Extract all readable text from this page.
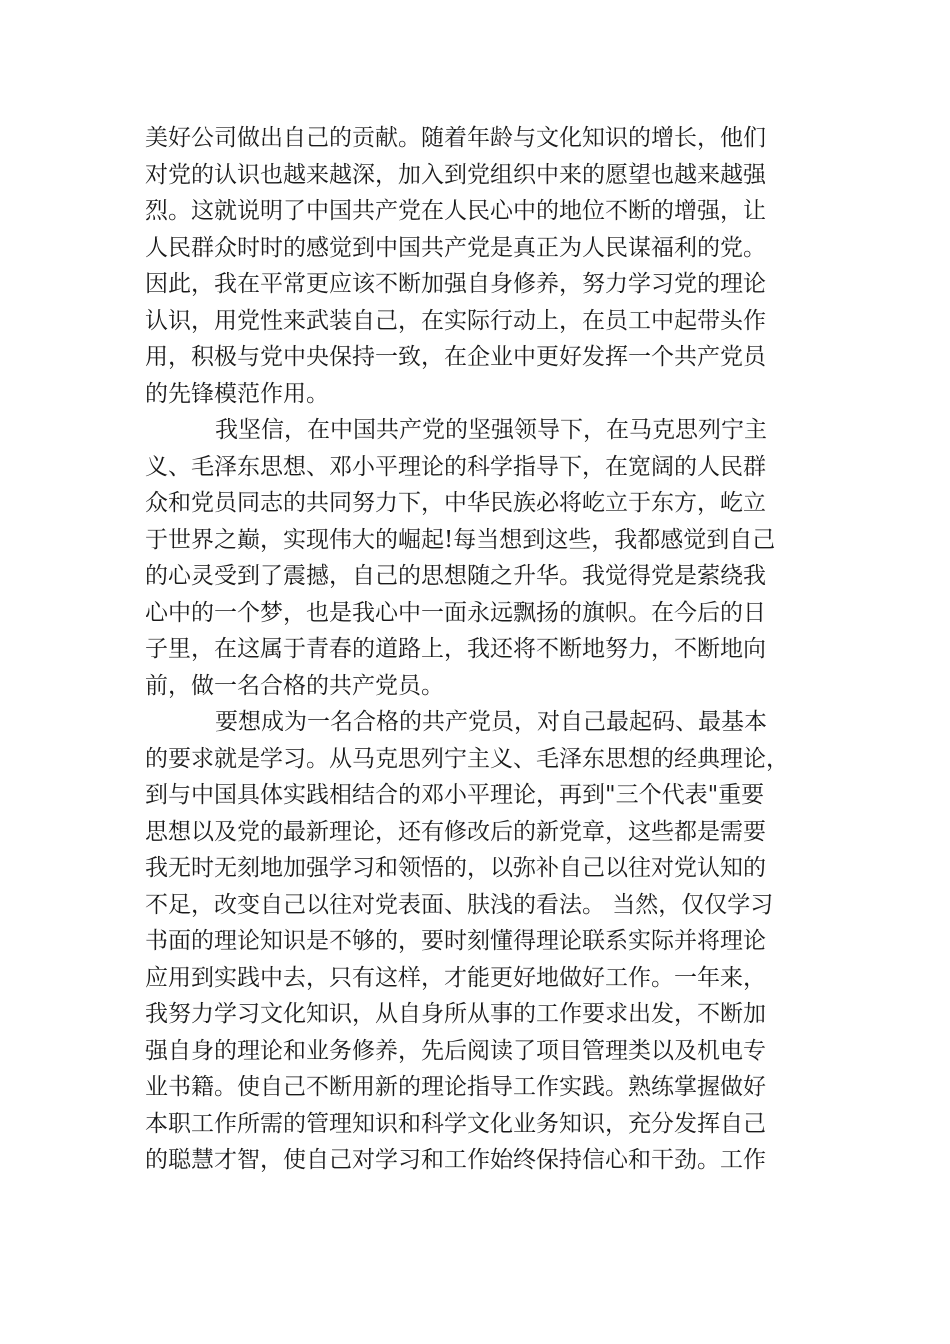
美好公司做出自己的贡献。随着年龄与文化知识的增长，他们
对党的认识也越来越深，加入到党组织中来的愿望也越来越强
烈。这就说明了中国共产党在人民心中的地位不断的增强，让
人民群众时时的感觉到中国共产党是真正为人民谋福利的党。
因此，我在平常更应该不断加强自身修养，努力学习党的理论
认识，用党性来武装自己，在实际行动上，在员工中起带头作
用，积极与党中央保持一致，在企业中更好发挥一个共产党员
的先锋模范作用。
我坚信，在中国共产党的坚强领导下，在马克思列宁主
义、毛泽东思想、邓小平理论的科学指导下，在宽阔的人民群
众和党员同志的共同努力下，中华民族必将屹立于东方，屹立
于世界之巅，实现伟大的崛起!每当想到这些，我都感觉到自己
的心灵受到了震撼，自己的思想随之升华。我觉得党是萦绕我
心中的一个梦，也是我心中一面永远飘扬的旗帜。在今后的日
子里，在这属于青春的道路上，我还将不断地努力，不断地向
前，做一名合格的共产党员。
要想成为一名合格的共产党员，对自己最起码、最基本
的要求就是学习。从马克思列宁主义、毛泽东思想的经典理论，
到与中国具体实践相结合的邓小平理论，再到"三个代表"重要
思想以及党的最新理论，还有修改后的新党章，这些都是需要
我无时无刻地加强学习和领悟的，以弥补自己以往对党认知的
不足，改变自己以往对党表面、肤浅的看法。 当然，仅仅学习
书面的理论知识是不够的，要时刻懂得理论联系实际并将理论
应用到实践中去，只有这样，才能更好地做好工作。一年来，
我努力学习文化知识，从自身所从事的工作要求出发，不断加
强自身的理论和业务修养，先后阅读了项目管理类以及机电专
业书籍。使自己不断用新的理论指导工作实践。熟练掌握做好
本职工作所需的管理知识和科学文化业务知识，充分发挥自己
的聪慧才智，使自己对学习和工作始终保持信心和干劲。工作
